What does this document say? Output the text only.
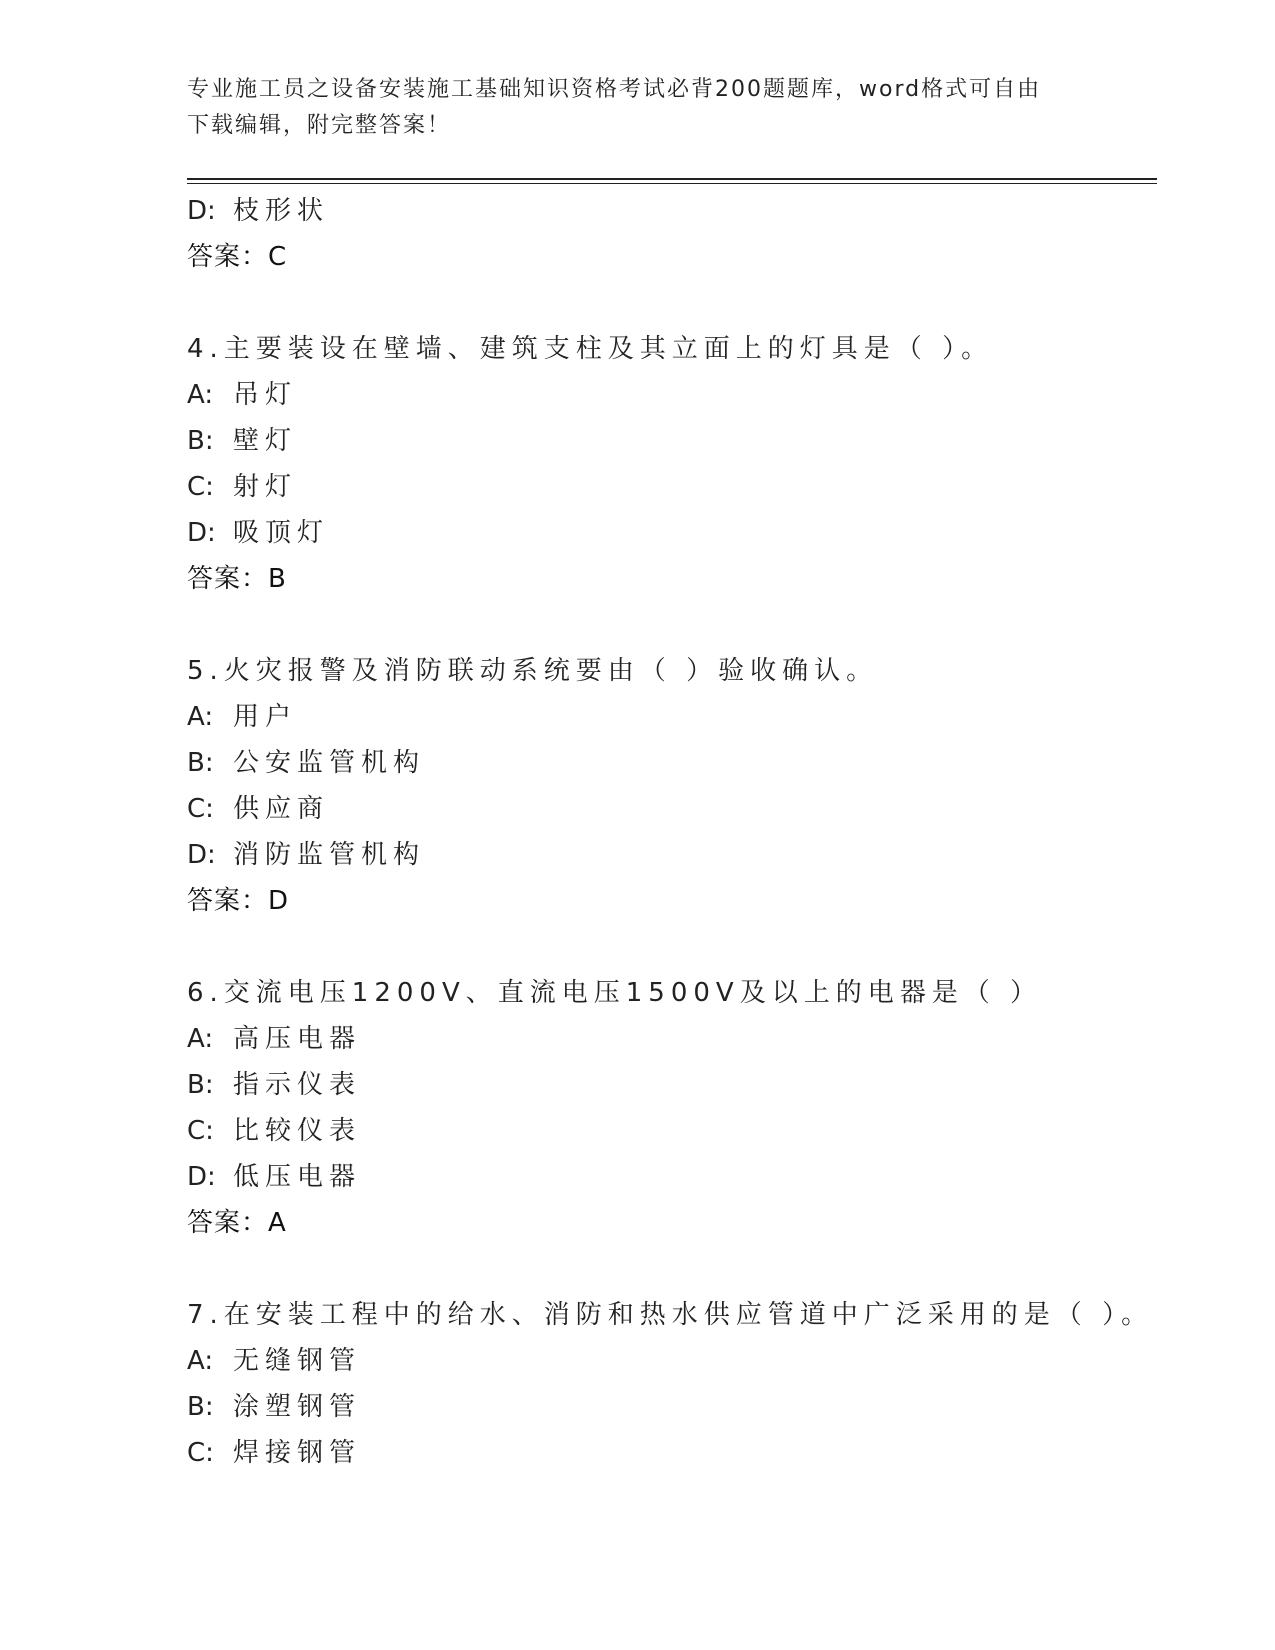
专业施工员之设备安装施工基础知识资格考试必背200题题库，word格式可自由
下载编辑，附完整答案！
D: 枝形状
答案：C
4.主要装设在壁墙、建筑支柱及其立面上的灯具是（ ）。
A: 吊灯
B: 壁灯
C: 射灯
D: 吸顶灯
答案：B
5.火灾报警及消防联动系统要由（ ）验收确认。
A: 用户
B: 公安监管机构
C: 供应商
D: 消防监管机构
答案：D
6.交流电压1200V、直流电压1500V及以上的电器是（ ）
A: 高压电器
B: 指示仪表
C: 比较仪表
D: 低压电器
答案：A
7.在安装工程中的给水、消防和热水供应管道中广泛采用的是（ ）。
A: 无缝钢管
B: 涂塑钢管
C: 焊接钢管
